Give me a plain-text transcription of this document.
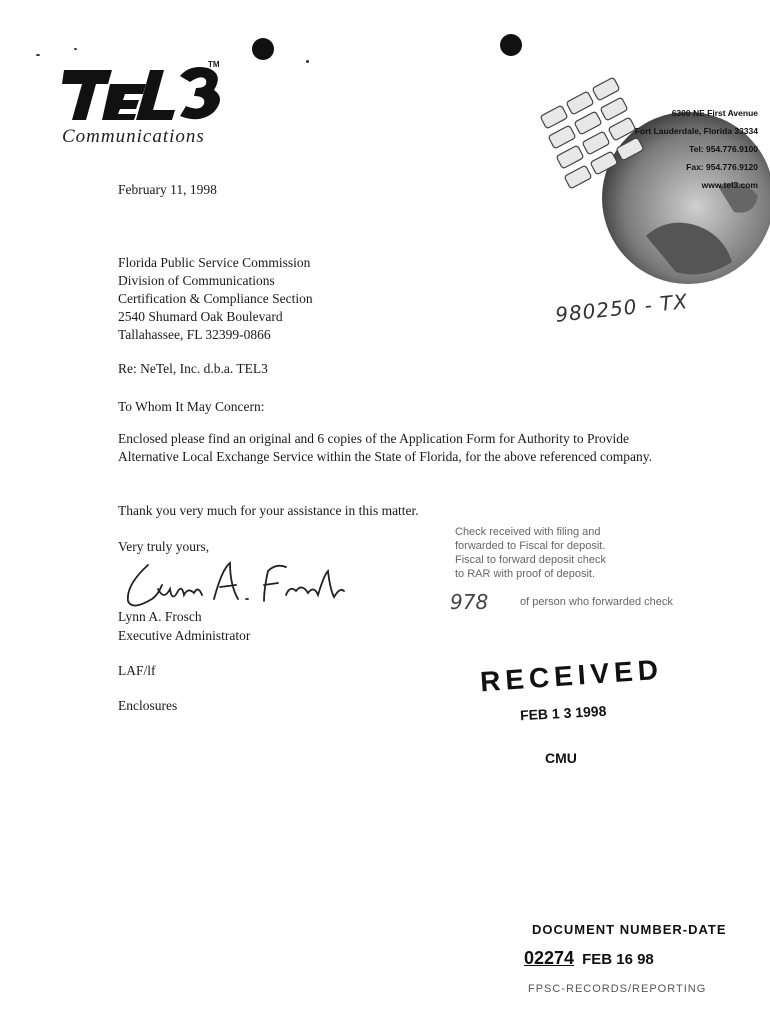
TM
Communications
6300 NE First Avenue
Fort Lauderdale, Florida 33334
Tel: 954.776.9100
Fax: 954.776.9120
www.tel3.com
February 11, 1998
Florida Public Service Commission
Division of Communications
Certification & Compliance Section
2540 Shumard Oak Boulevard
Tallahassee, FL 32399-0866
980250 - TX
Re: NeTel, Inc. d.b.a. TEL3
To Whom It May Concern:
Enclosed please find an original and 6 copies of the Application Form for Authority to Provide Alternative Local Exchange Service within the State of Florida, for the above referenced company.
Thank you very much for your assistance in this matter.
Very truly yours,
Lynn A. Frosch
Executive Administrator
LAF/lf
Enclosures
Check received with filing and
forwarded to Fiscal for deposit.
Fiscal to forward deposit check
to RAR with proof of deposit.
978	of person who forwarded check
RECEIVED
FEB 1 3 1998
CMU
DOCUMENT NUMBER-DATE
02274 FEB 16 98
FPSC-RECORDS/REPORTING
